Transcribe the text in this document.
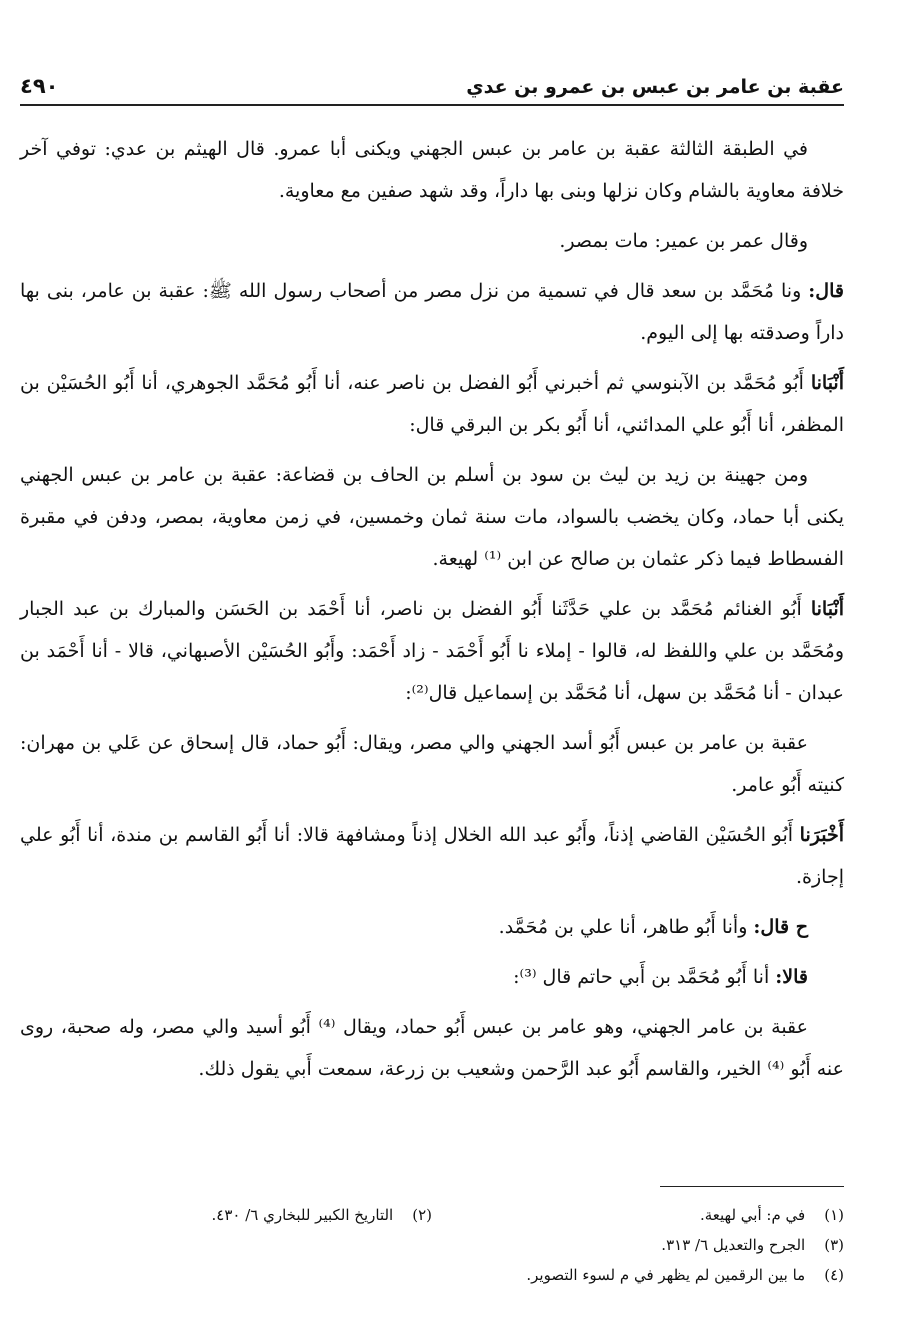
٤٩٠	عقبة بن عامر بن عبس بن عمرو بن عدي

في الطبقة الثالثة عقبة بن عامر بن عبس الجهني ويكنى أبا عمرو. قال الهيثم بن عدي: توفي آخر خلافة معاوية بالشام وكان نزلها وبنى بها داراً، وقد شهد صفين مع معاوية.

وقال عمر بن عمير: مات بمصر.

قال: ونا مُحَمَّد بن سعد قال في تسمية من نزل مصر من أصحاب رسول الله ﷺ: عقبة بن عامر، بنى بها داراً وصدقته بها إلى اليوم.

أَنْبَانا أَبُو مُحَمَّد بن الآبنوسي ثم أخبرني أَبُو الفضل بن ناصر عنه، أنا أَبُو مُحَمَّد الجوهري، أنا أَبُو الحُسَيْن بن المظفر، أنا أَبُو علي المدائني، أنا أَبُو بكر بن البرقي قال:

ومن جهينة بن زيد بن ليث بن سود بن أسلم بن الحاف بن قضاعة: عقبة بن عامر بن عبس الجهني يكنى أبا حماد، وكان يخضب بالسواد، مات سنة ثمان وخمسين، في زمن معاوية، بمصر، ودفن في مقبرة الفسطاط فيما ذكر عثمان بن صالح عن ابن ⁽¹⁾ لهيعة.

أَنْبَانا أَبُو الغنائم مُحَمَّد بن علي حَدَّثَنا أَبُو الفضل بن ناصر، أنا أَحْمَد بن الحَسَن والمبارك بن عبد الجبار ومُحَمَّد بن علي واللفظ له، قالوا - إملاء نا أَبُو أَحْمَد - زاد أَحْمَد: وأَبُو الحُسَيْن الأصبهاني، قالا - أنا أَحْمَد بن عبدان - أنا مُحَمَّد بن سهل، أنا مُحَمَّد بن إسماعيل قال⁽²⁾:

عقبة بن عامر بن عبس أَبُو أسد الجهني والي مصر، ويقال: أَبُو حماد، قال إسحاق عن عَلي بن مهران: كنيته أَبُو عامر.

أَخْبَرَنا أَبُو الحُسَيْن القاضي إذناً، وأَبُو عبد الله الخلال إذناً ومشافهة قالا: أنا أَبُو القاسم بن مندة، أنا أَبُو علي إجازة.

ح قال: وأنا أَبُو طاهر، أنا علي بن مُحَمَّد.

قالا: أنا أَبُو مُحَمَّد بن أَبي حاتم قال ⁽³⁾:

عقبة بن عامر الجهني، وهو عامر بن عبس أَبُو حماد، ويقال ⁽⁴⁾ أَبُو أسيد والي مصر، وله صحبة، روى عنه أَبُو ⁽⁴⁾ الخير، والقاسم أَبُو عبد الرَّحمن وشعيب بن زرعة، سمعت أَبي يقول ذلك.

(١) في م: أبي لهيعة.
(٢) التاريخ الكبير للبخاري ٦/ ٤٣٠.
(٣) الجرح والتعديل ٦/ ٣١٣.
(٤) ما بين الرقمين لم يظهر في م لسوء التصوير.
